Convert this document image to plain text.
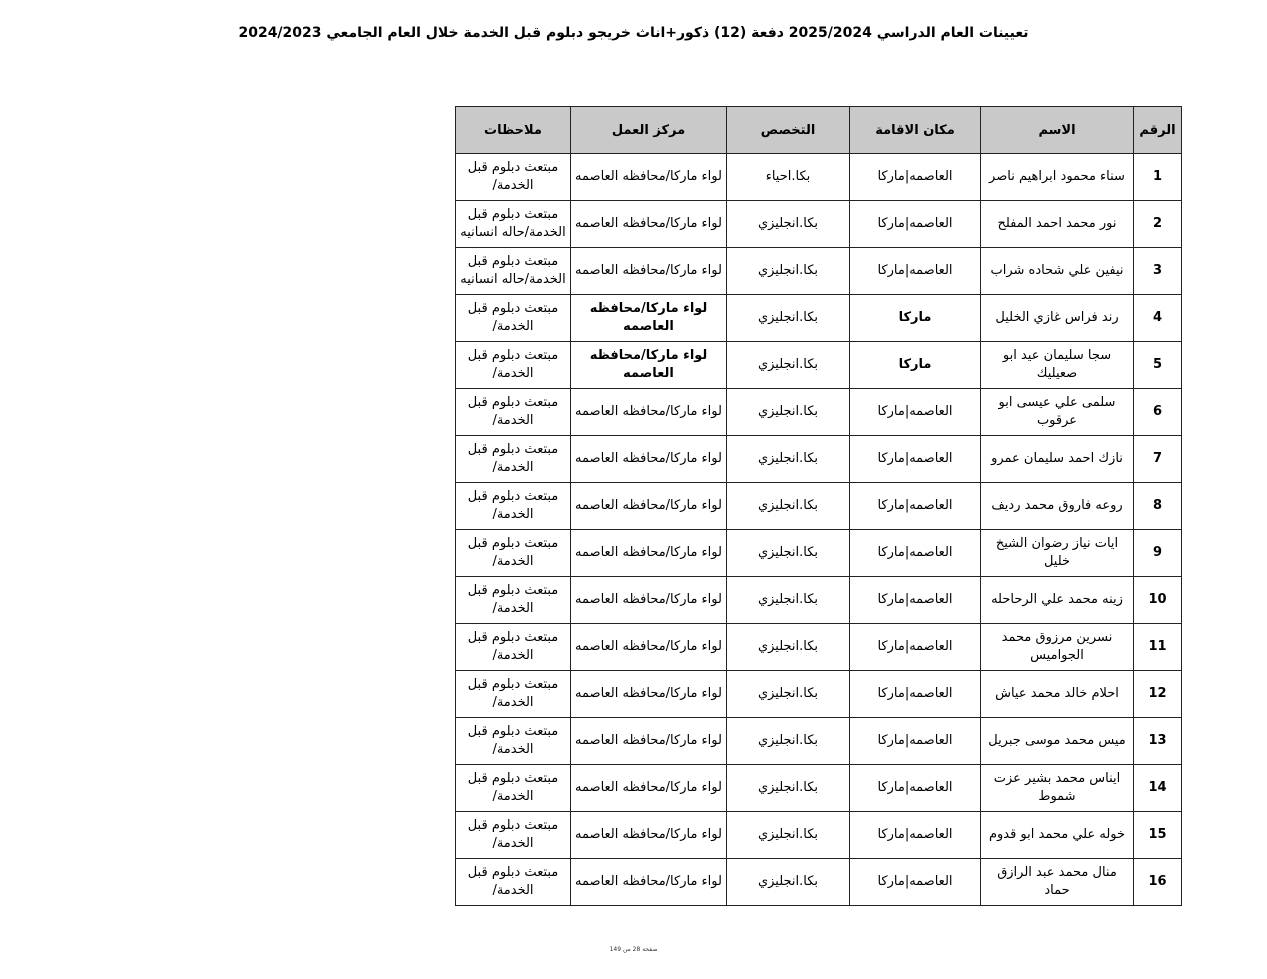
تعيينات العام الدراسي 2025/2024 دفعة (12) ذكور+اناث خريجو دبلوم قبل الخدمة خلال العام الجامعي 2024/2023
الرقم	الاسم	مكان الاقامة	التخصص	مركز العمل	ملاحظات
1	سناء محمود ابراهيم ناصر	العاصمه|ماركا	بكا.احياء	لواء ماركا/محافظه العاصمه	مبتعث دبلوم قبل الخدمة/
2	نور محمد احمد المفلح	العاصمه|ماركا	بكا.انجليزي	لواء ماركا/محافظه العاصمه	مبتعث دبلوم قبل الخدمة/حاله انسانيه
3	نيفين علي شحاده شراب	العاصمه|ماركا	بكا.انجليزي	لواء ماركا/محافظه العاصمه	مبتعث دبلوم قبل الخدمة/حاله انسانيه
4	رند فراس غازي الخليل	ماركا	بكا.انجليزي	لواء ماركا/محافظه العاصمه	مبتعث دبلوم قبل الخدمة/
5	سجا سليمان عيد ابو صعيليك	ماركا	بكا.انجليزي	لواء ماركا/محافظه العاصمه	مبتعث دبلوم قبل الخدمة/
6	سلمى علي عيسى ابو عرقوب	العاصمه|ماركا	بكا.انجليزي	لواء ماركا/محافظه العاصمه	مبتعث دبلوم قبل الخدمة/
7	نازك احمد سليمان عمرو	العاصمه|ماركا	بكا.انجليزي	لواء ماركا/محافظه العاصمه	مبتعث دبلوم قبل الخدمة/
8	روعه فاروق محمد رديف	العاصمه|ماركا	بكا.انجليزي	لواء ماركا/محافظه العاصمه	مبتعث دبلوم قبل الخدمة/
9	ايات نياز رضوان الشيخ خليل	العاصمه|ماركا	بكا.انجليزي	لواء ماركا/محافظه العاصمه	مبتعث دبلوم قبل الخدمة/
10	زينه محمد علي الرحاحله	العاصمه|ماركا	بكا.انجليزي	لواء ماركا/محافظه العاصمه	مبتعث دبلوم قبل الخدمة/
11	نسرين مرزوق محمد الجواميس	العاصمه|ماركا	بكا.انجليزي	لواء ماركا/محافظه العاصمه	مبتعث دبلوم قبل الخدمة/
12	احلام خالد محمد عياش	العاصمه|ماركا	بكا.انجليزي	لواء ماركا/محافظه العاصمه	مبتعث دبلوم قبل الخدمة/
13	ميس محمد موسى جبريل	العاصمه|ماركا	بكا.انجليزي	لواء ماركا/محافظه العاصمه	مبتعث دبلوم قبل الخدمة/
14	ايناس محمد بشير عزت شموط	العاصمه|ماركا	بكا.انجليزي	لواء ماركا/محافظه العاصمه	مبتعث دبلوم قبل الخدمة/
15	خوله علي محمد ابو قدوم	العاصمه|ماركا	بكا.انجليزي	لواء ماركا/محافظه العاصمه	مبتعث دبلوم قبل الخدمة/
16	منال محمد عبد الرازق حماد	العاصمه|ماركا	بكا.انجليزي	لواء ماركا/محافظه العاصمه	مبتعث دبلوم قبل الخدمة/
صفحة 28 من 149
